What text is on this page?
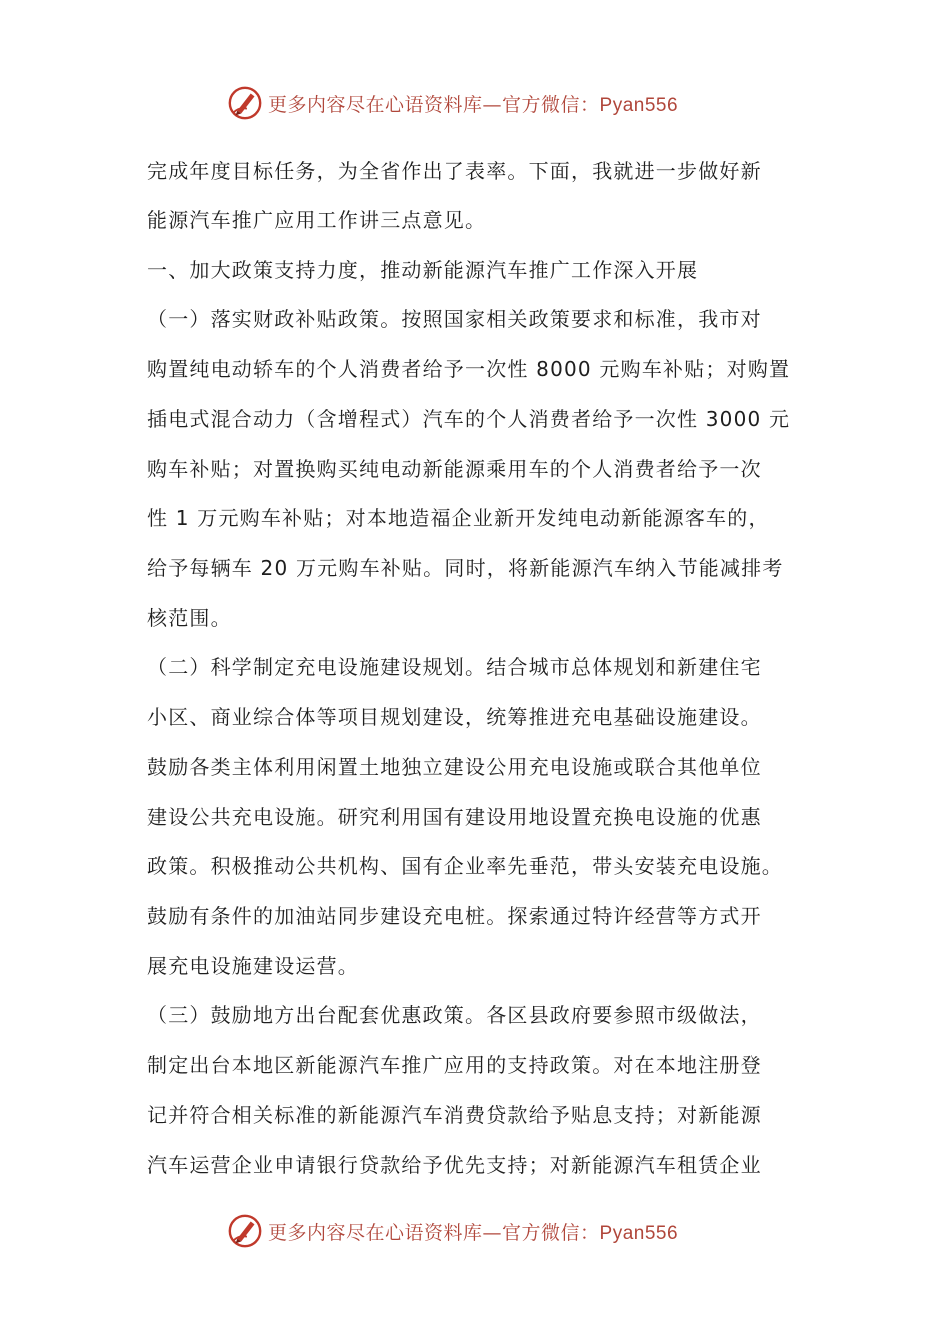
更多内容尽在心语资料库—官方微信：Pyan556
完成年度目标任务，为全省作出了表率。下面，我就进一步做好新
能源汽车推广应用工作讲三点意见。
一、加大政策支持力度，推动新能源汽车推广工作深入开展
（一）落实财政补贴政策。按照国家相关政策要求和标准，我市对
购置纯电动轿车的个人消费者给予一次性 8000 元购车补贴；对购置
插电式混合动力（含增程式）汽车的个人消费者给予一次性 3000 元
购车补贴；对置换购买纯电动新能源乘用车的个人消费者给予一次
性 1 万元购车补贴；对本地造福企业新开发纯电动新能源客车的，
给予每辆车 20 万元购车补贴。同时，将新能源汽车纳入节能减排考
核范围。
（二）科学制定充电设施建设规划。结合城市总体规划和新建住宅
小区、商业综合体等项目规划建设，统筹推进充电基础设施建设。
鼓励各类主体利用闲置土地独立建设公用充电设施或联合其他单位
建设公共充电设施。研究利用国有建设用地设置充换电设施的优惠
政策。积极推动公共机构、国有企业率先垂范，带头安装充电设施。
鼓励有条件的加油站同步建设充电桩。探索通过特许经营等方式开
展充电设施建设运营。
（三）鼓励地方出台配套优惠政策。各区县政府要参照市级做法，
制定出台本地区新能源汽车推广应用的支持政策。对在本地注册登
记并符合相关标准的新能源汽车消费贷款给予贴息支持；对新能源
汽车运营企业申请银行贷款给予优先支持；对新能源汽车租赁企业
更多内容尽在心语资料库—官方微信：Pyan556
